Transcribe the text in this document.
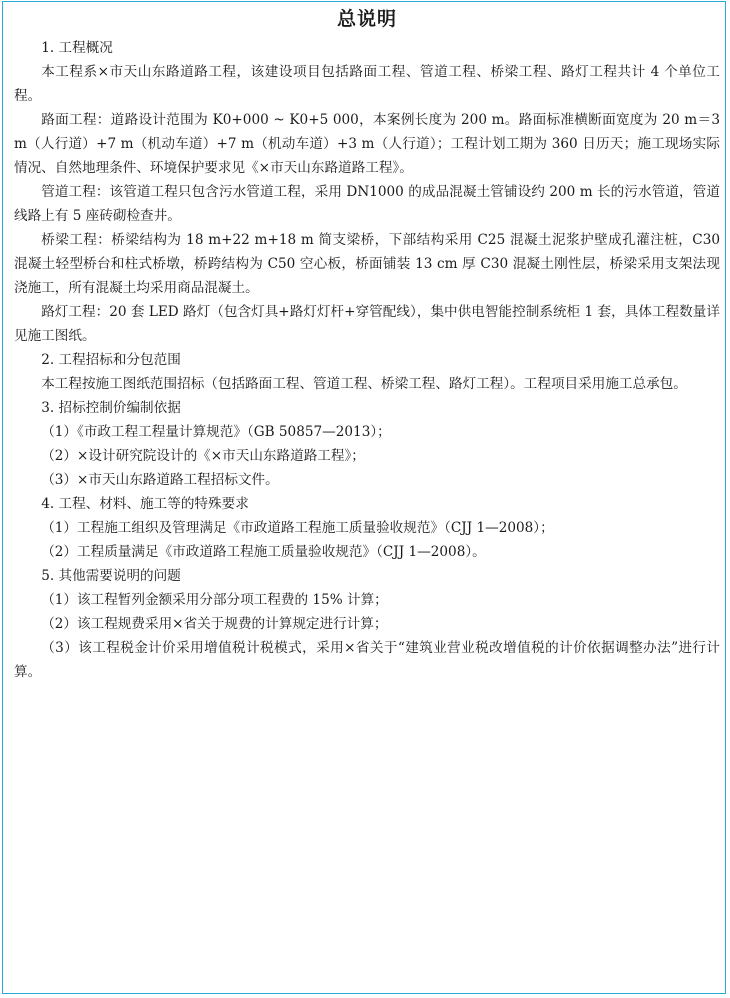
总说明

1. 工程概况

本工程系×市天山东路道路工程，该建设项目包括路面工程、管道工程、桥梁工程、路灯工程共计 4 个单位工程。

路面工程：道路设计范围为 K0+000 ~ K0+5 000，本案例长度为 200 m。路面标准横断面宽度为 20 m＝3 m（人行道）+7 m（机动车道）+7 m（机动车道）+3 m（人行道）；工程计划工期为 360 日历天；施工现场实际情况、自然地理条件、环境保护要求见《×市天山东路道路工程》。

管道工程：该管道工程只包含污水管道工程，采用 DN1000 的成品混凝土管铺设约 200 m 长的污水管道，管道线路上有 5 座砖砌检查井。

桥梁工程：桥梁结构为 18 m+22 m+18 m 简支梁桥，下部结构采用 C25 混凝土泥浆护壁成孔灌注桩，C30 混凝土轻型桥台和柱式桥墩，桥跨结构为 C50 空心板，桥面铺装 13 cm 厚 C30 混凝土刚性层，桥梁采用支架法现浇施工，所有混凝土均采用商品混凝土。

路灯工程：20 套 LED 路灯（包含灯具+路灯灯杆+穿管配线），集中供电智能控制系统柜 1 套，具体工程数量详见施工图纸。

2. 工程招标和分包范围

本工程按施工图纸范围招标（包括路面工程、管道工程、桥梁工程、路灯工程）。工程项目采用施工总承包。

3. 招标控制价编制依据

（1）《市政工程工程量计算规范》（GB 50857—2013）；

（2）×设计研究院设计的《×市天山东路道路工程》；

（3）×市天山东路道路工程招标文件。

4. 工程、材料、施工等的特殊要求

（1）工程施工组织及管理满足《市政道路工程施工质量验收规范》（CJJ 1—2008）；

（2）工程质量满足《市政道路工程施工质量验收规范》（CJJ 1—2008）。

5. 其他需要说明的问题

（1）该工程暂列金额采用分部分项工程费的 15% 计算；

（2）该工程规费采用×省关于规费的计算规定进行计算；

（3）该工程税金计价采用增值税计税模式，采用×省关于“建筑业营业税改增值税的计价依据调整办法”进行计算。
